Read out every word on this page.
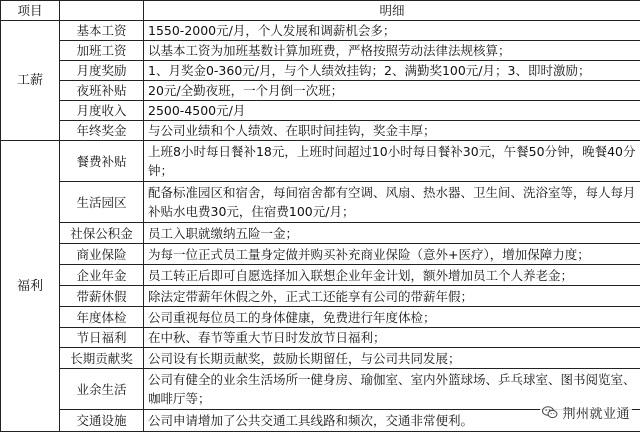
项目		明细
工薪	基本工资	1550-2000元/月，个人发展和调薪机会多；
	加班工资	以基本工资为加班基数计算加班费，严格按照劳动法律法规核算；
	月度奖励	1、月奖金0-360元/月，与个人绩效挂钩；2、满勤奖100元/月；3、即时激励；
	夜班补贴	20元/全勤夜班，一个月倒一次班；
	月度收入	2500-4500元/月
	年终奖金	与公司业绩和个人绩效、在职时间挂钩，奖金丰厚；
福利	餐费补贴	上班8小时每日餐补18元，上班时间超过10小时每日餐补30元，午餐50分钟，晚餐40分钟；
	生活园区	配备标准园区和宿舍，每间宿舍都有空调、风扇、热水器、卫生间、洗浴室等，每人每月补贴水电费30元，住宿费100元/月；
	社保公积金	员工入职就缴纳五险一金；
	商业保险	为每一位正式员工量身定做并购买补充商业保险（意外+医疗），增加保障力度；
	企业年金	员工转正后即可自愿选择加入联想企业年金计划，额外增加员工个人养老金；
	带薪休假	除法定带薪年休假之外，正式工还能享有公司的带薪年假；
	年度体检	公司重视每位员工的身体健康，免费进行年度体检；
	节日福利	在中秋、春节等重大节日时发放节日福利；
	长期贡献奖	公司设有长期贡献奖，鼓励长期留任，与公司共同发展；
	业余生活	公司有健全的业余生活场所一健身房、瑜伽室、室内外篮球场、乒乓球室、图书阅览室、咖啡厅等；
	交通设施	公司申请增加了公共交通工具线路和频次，交通非常便利。	荆州就业通
